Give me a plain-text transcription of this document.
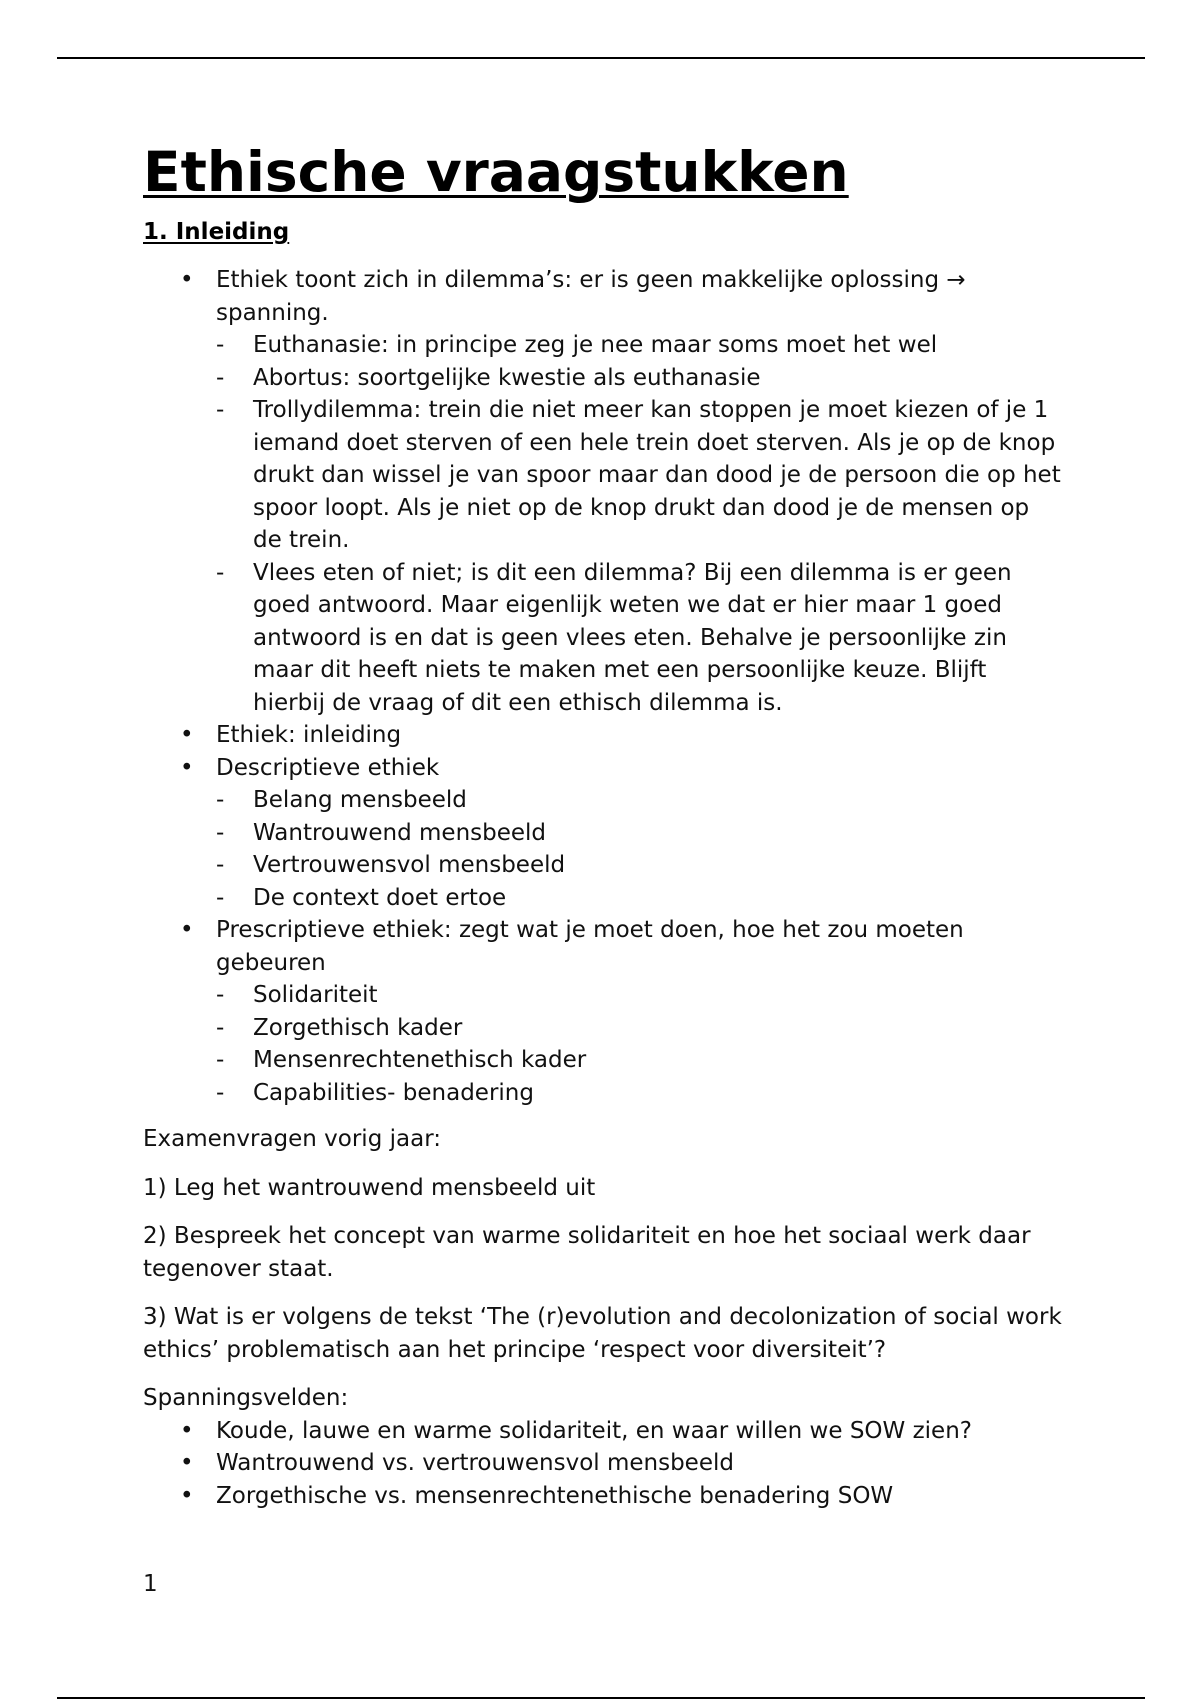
Ethische vraagstukken
1. Inleiding
• Ethiek toont zich in dilemma’s: er is geen makkelijke oplossing → spanning.
- Euthanasie: in principe zeg je nee maar soms moet het wel
- Abortus: soortgelijke kwestie als euthanasie
- Trollydilemma: trein die niet meer kan stoppen je moet kiezen of je 1 iemand doet sterven of een hele trein doet sterven. Als je op de knop drukt dan wissel je van spoor maar dan dood je de persoon die op het spoor loopt. Als je niet op de knop drukt dan dood je de mensen op de trein.
- Vlees eten of niet; is dit een dilemma? Bij een dilemma is er geen goed antwoord. Maar eigenlijk weten we dat er hier maar 1 goed antwoord is en dat is geen vlees eten. Behalve je persoonlijke zin maar dit heeft niets te maken met een persoonlijke keuze. Blijft hierbij de vraag of dit een ethisch dilemma is.
• Ethiek: inleiding
• Descriptieve ethiek
- Belang mensbeeld
- Wantrouwend mensbeeld
- Vertrouwensvol mensbeeld
- De context doet ertoe
• Prescriptieve ethiek: zegt wat je moet doen, hoe het zou moeten gebeuren
- Solidariteit
- Zorgethisch kader
- Mensenrechtenethisch kader
- Capabilities- benadering

Examenvragen vorig jaar:

1) Leg het wantrouwend mensbeeld uit

2) Bespreek het concept van warme solidariteit en hoe het sociaal werk daar tegenover staat.

3) Wat is er volgens de tekst ‘The (r)evolution and decolonization of social work ethics’ problematisch aan het principe ‘respect voor diversiteit’?

Spanningsvelden:

• Koude, lauwe en warme solidariteit, en waar willen we SOW zien?
• Wantrouwend vs. vertrouwensvol mensbeeld
• Zorgethische vs. mensenrechtenethische benadering SOW
1
